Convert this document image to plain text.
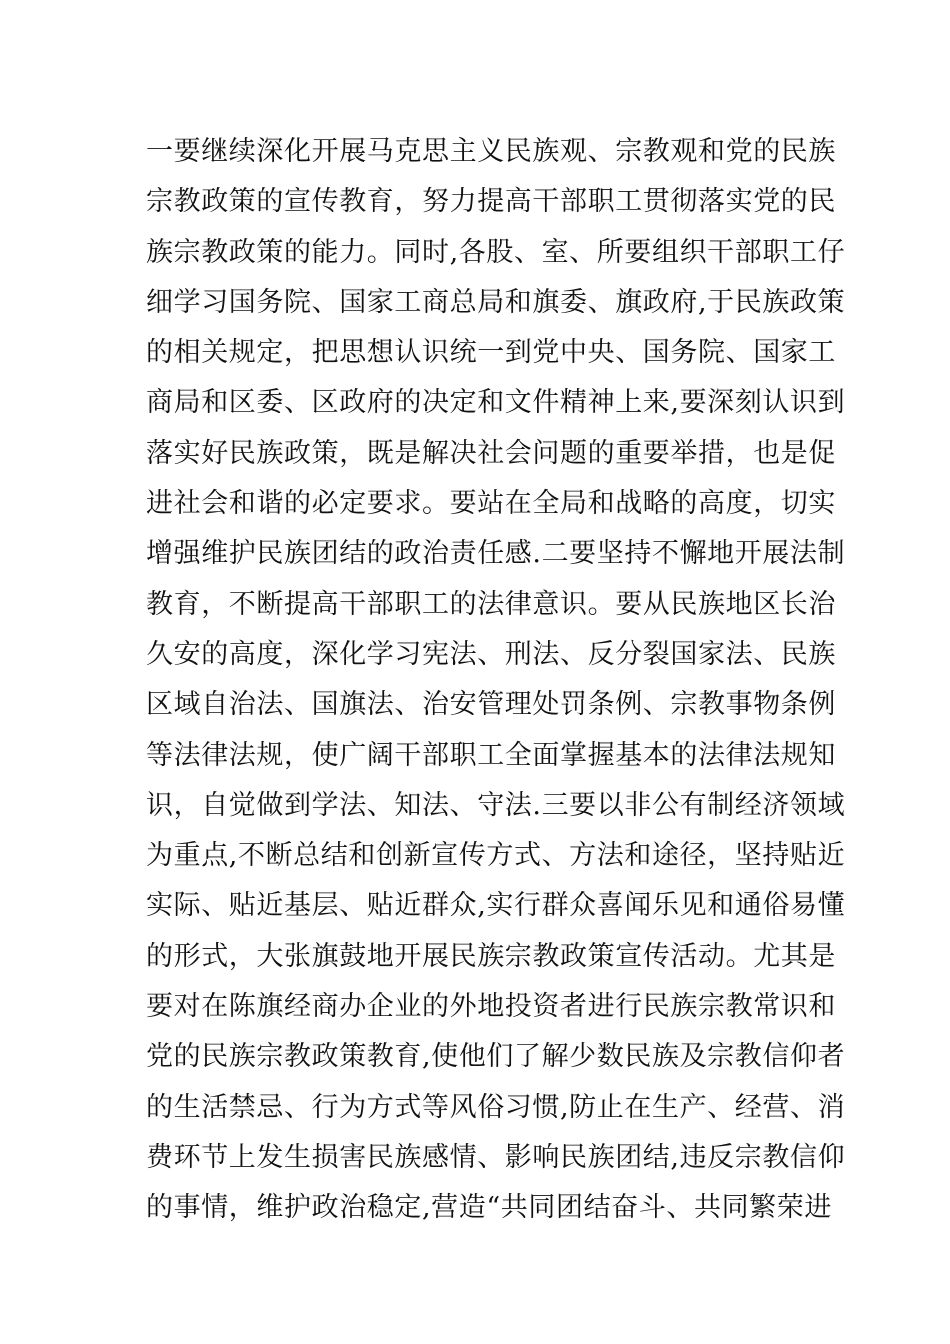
一要继续深化开展马克思主义民族观、宗教观和党的民族
宗教政策的宣传教育，努力提高干部职工贯彻落实党的民
族宗教政策的能力。同时,各股、室、所要组织干部职工仔
细学习国务院、国家工商总局和旗委、旗政府,于民族政策
的相关规定，把思想认识统一到党中央、国务院、国家工
商局和区委、区政府的决定和文件精神上来,要深刻认识到
落实好民族政策，既是解决社会问题的重要举措，也是促
进社会和谐的必定要求。要站在全局和战略的高度，切实
增强维护民族团结的政治责任感.二要坚持不懈地开展法制
教育，不断提高干部职工的法律意识。要从民族地区长治
久安的高度，深化学习宪法、刑法、反分裂国家法、民族
区域自治法、国旗法、治安管理处罚条例、宗教事物条例
等法律法规，使广阔干部职工全面掌握基本的法律法规知
识，自觉做到学法、知法、守法.三要以非公有制经济领域
为重点,不断总结和创新宣传方式、方法和途径，坚持贴近
实际、贴近基层、贴近群众,实行群众喜闻乐见和通俗易懂
的形式，大张旗鼓地开展民族宗教政策宣传活动。尤其是
要对在陈旗经商办企业的外地投资者进行民族宗教常识和
党的民族宗教政策教育,使他们了解少数民族及宗教信仰者
的生活禁忌、行为方式等风俗习惯,防止在生产、经营、消
费环节上发生损害民族感情、影响民族团结,违反宗教信仰
的事情，维护政治稳定,营造“共同团结奋斗、共同繁荣进
